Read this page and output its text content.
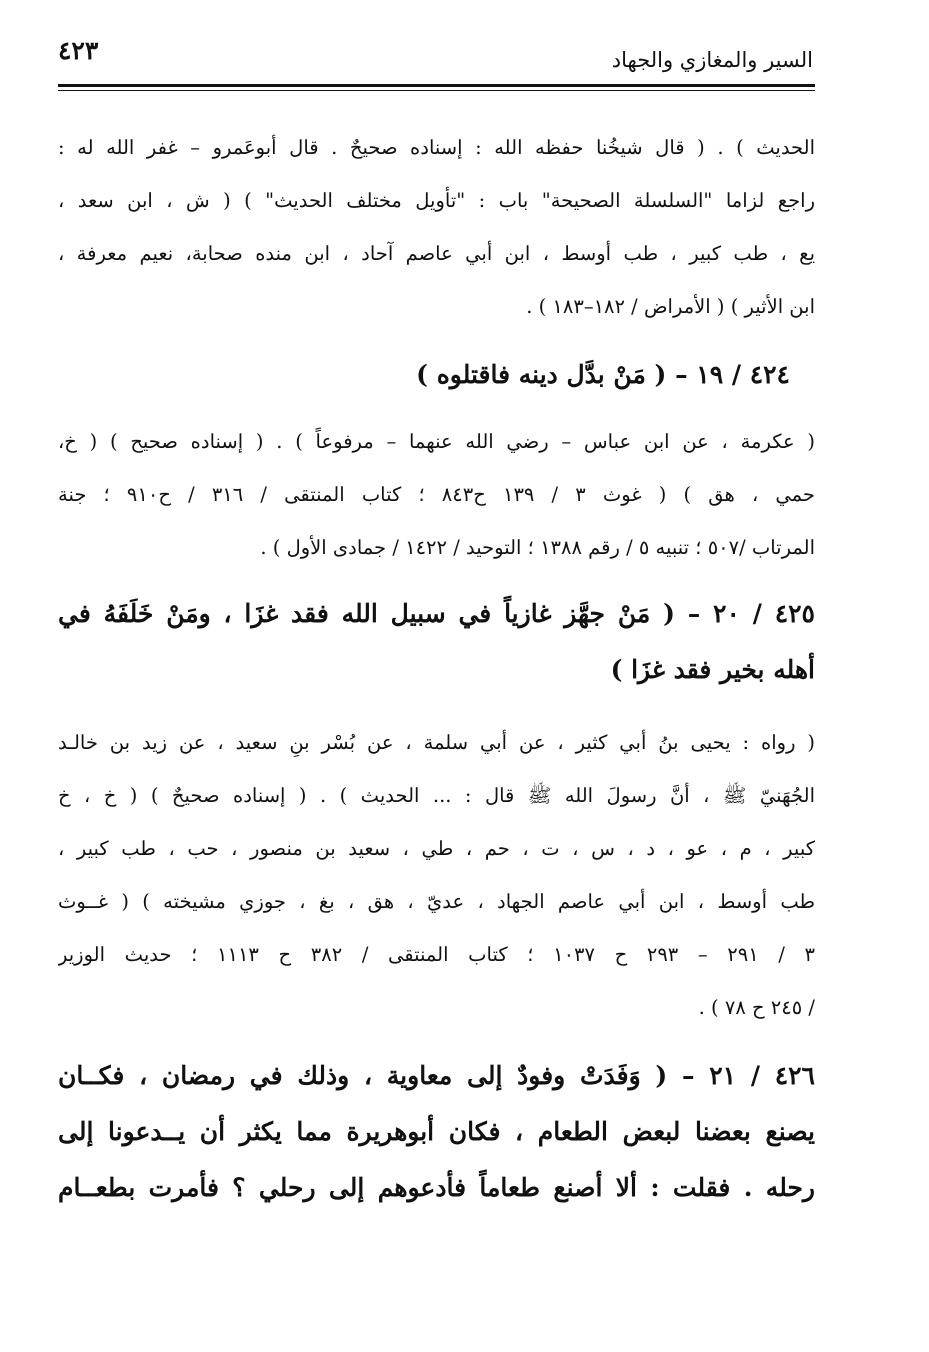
السير والمغازي والجهاد
٤٢٣
الحديث ) . ( قال شيخُنا حفظه الله : إسناده صحيحٌ . قال أبوعَمرو – غفر الله له :
راجع لزاما "السلسلة الصحيحة" باب : "تأويل مختلف الحديث" ) ( ش ، ابن سعد ،
يع ، طب كبير ، طب أوسط ، ابن أبي عاصم آحاد ، ابن منده صحابة، نعيم معرفة ،
ابن الأثير ) ( الأمراض / ١٨٢–١٨٣ ) .
٤٢٤ / ١٩ – ( مَنْ بدَّل دينه فاقتلوه )
( عكرمة ، عن ابن عباس – رضي الله عنهما – مرفوعاً ) . ( إسناده صحيح ) ( خ،
حمي ، هق ) ( غوث ٣ / ١٣٩ ح٨٤٣ ؛ كتاب المنتقى / ٣١٦ / ح٩١٠ ؛ جنة
المرتاب /٥٠٧ ؛ تنبيه ٥ / رقم ١٣٨٨ ؛ التوحيد / ١٤٢٢ / جمادى الأول ) .
٤٢٥ / ٢٠ – ( مَنْ جهَّز غازياً في سبيل الله فقد غزَا ، ومَنْ خَلَفَهُ في
أهله بخير فقد غزَا )
( رواه : يحيى بنُ أبي كثير ، عن أبي سلمة ، عن بُسْر بنِ سعيد ، عن زيد بن خالـد
الجُهَنيّ ﷺ ، أنَّ رسولَ الله ﷺ قال : ... الحديث ) . ( إسناده صحيحٌ ) ( خ ، خ
كبير ، م ، عو ، د ، س ، ت ، حم ، طي ، سعيد بن منصور ، حب ، طب كبير ،
طب أوسط ، ابن أبي عاصم الجهاد ، عديّ ، هق ، بغ ، جوزي مشيخته ) ( غــوث
٣ / ٢٩١ – ٢٩٣ ح ١٠٣٧ ؛ كتاب المنتقى / ٣٨٢ ح ١١١٣ ؛ حديث الوزير
/ ٢٤٥ ح ٧٨ ) .
٤٢٦ / ٢١ – ( وَفَدَتْ وفودٌ إلى معاوية ، وذلك في رمضان ، فكــان
يصنع بعضنا لبعض الطعام ، فكان أبوهريرة مما يكثر أن يــدعونا إلى
رحله . فقلت : ألا أصنع طعاماً فأدعوهم إلى رحلي ؟ فأمرت بطعــام
